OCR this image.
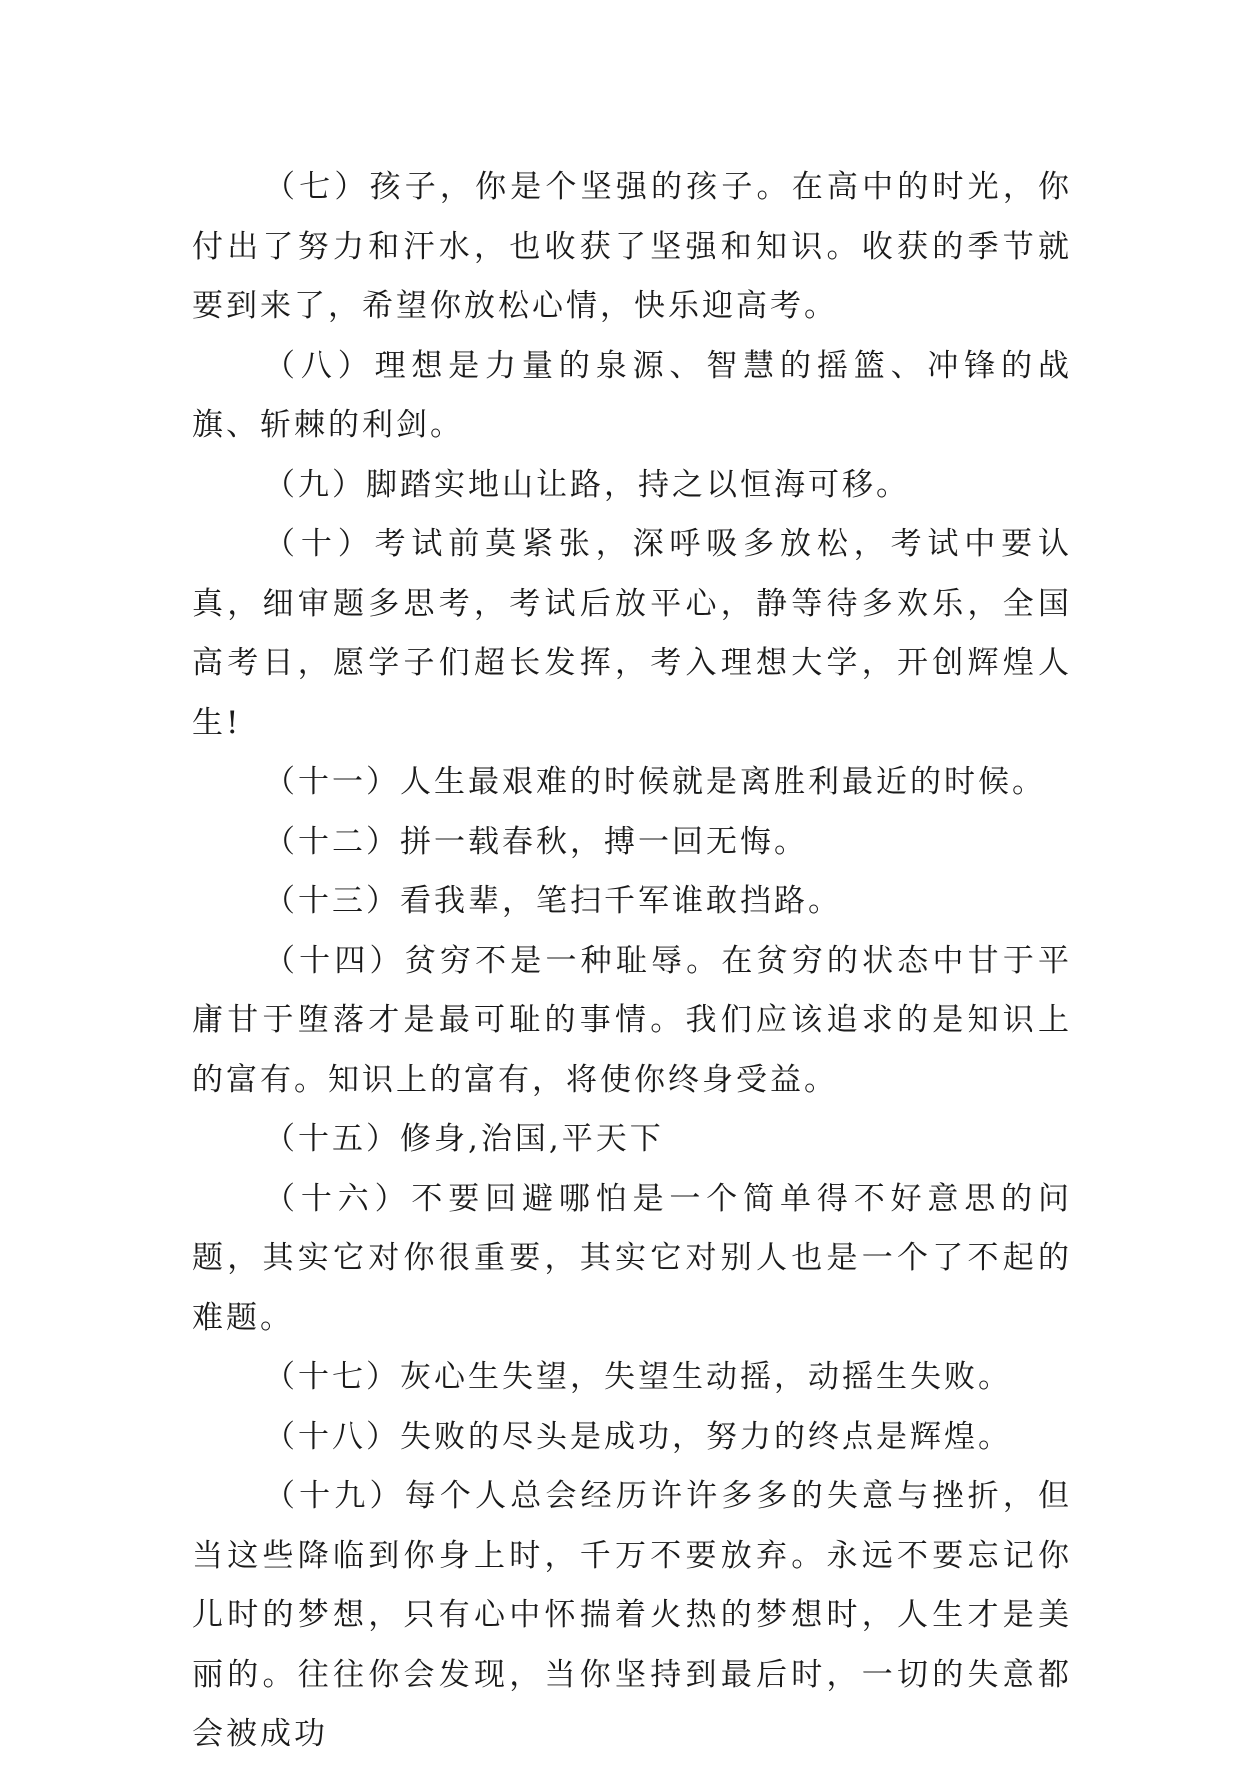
（七）孩子，你是个坚强的孩子。在高中的时光，你付出了努力和汗水，也收获了坚强和知识。收获的季节就要到来了，希望你放松心情，快乐迎高考。

（八）理想是力量的泉源、智慧的摇篮、冲锋的战旗、斩棘的利剑。

（九）脚踏实地山让路，持之以恒海可移。

（十）考试前莫紧张，深呼吸多放松，考试中要认真，细审题多思考，考试后放平心，静等待多欢乐，全国高考日，愿学子们超长发挥，考入理想大学，开创辉煌人生!

（十一）人生最艰难的时候就是离胜利最近的时候。

（十二）拼一载春秋，搏一回无悔。

（十三）看我辈，笔扫千军谁敢挡路。

（十四）贫穷不是一种耻辱。在贫穷的状态中甘于平庸甘于堕落才是最可耻的事情。我们应该追求的是知识上的富有。知识上的富有，将使你终身受益。

（十五）修身,治国,平天下

（十六）不要回避哪怕是一个简单得不好意思的问题，其实它对你很重要，其实它对别人也是一个了不起的难题。

（十七）灰心生失望，失望生动摇，动摇生失败。

（十八）失败的尽头是成功，努力的终点是辉煌。

（十九）每个人总会经历许许多多的失意与挫折，但当这些降临到你身上时，千万不要放弃。永远不要忘记你儿时的梦想，只有心中怀揣着火热的梦想时，人生才是美丽的。往往你会发现，当你坚持到最后时，一切的失意都会被成功
